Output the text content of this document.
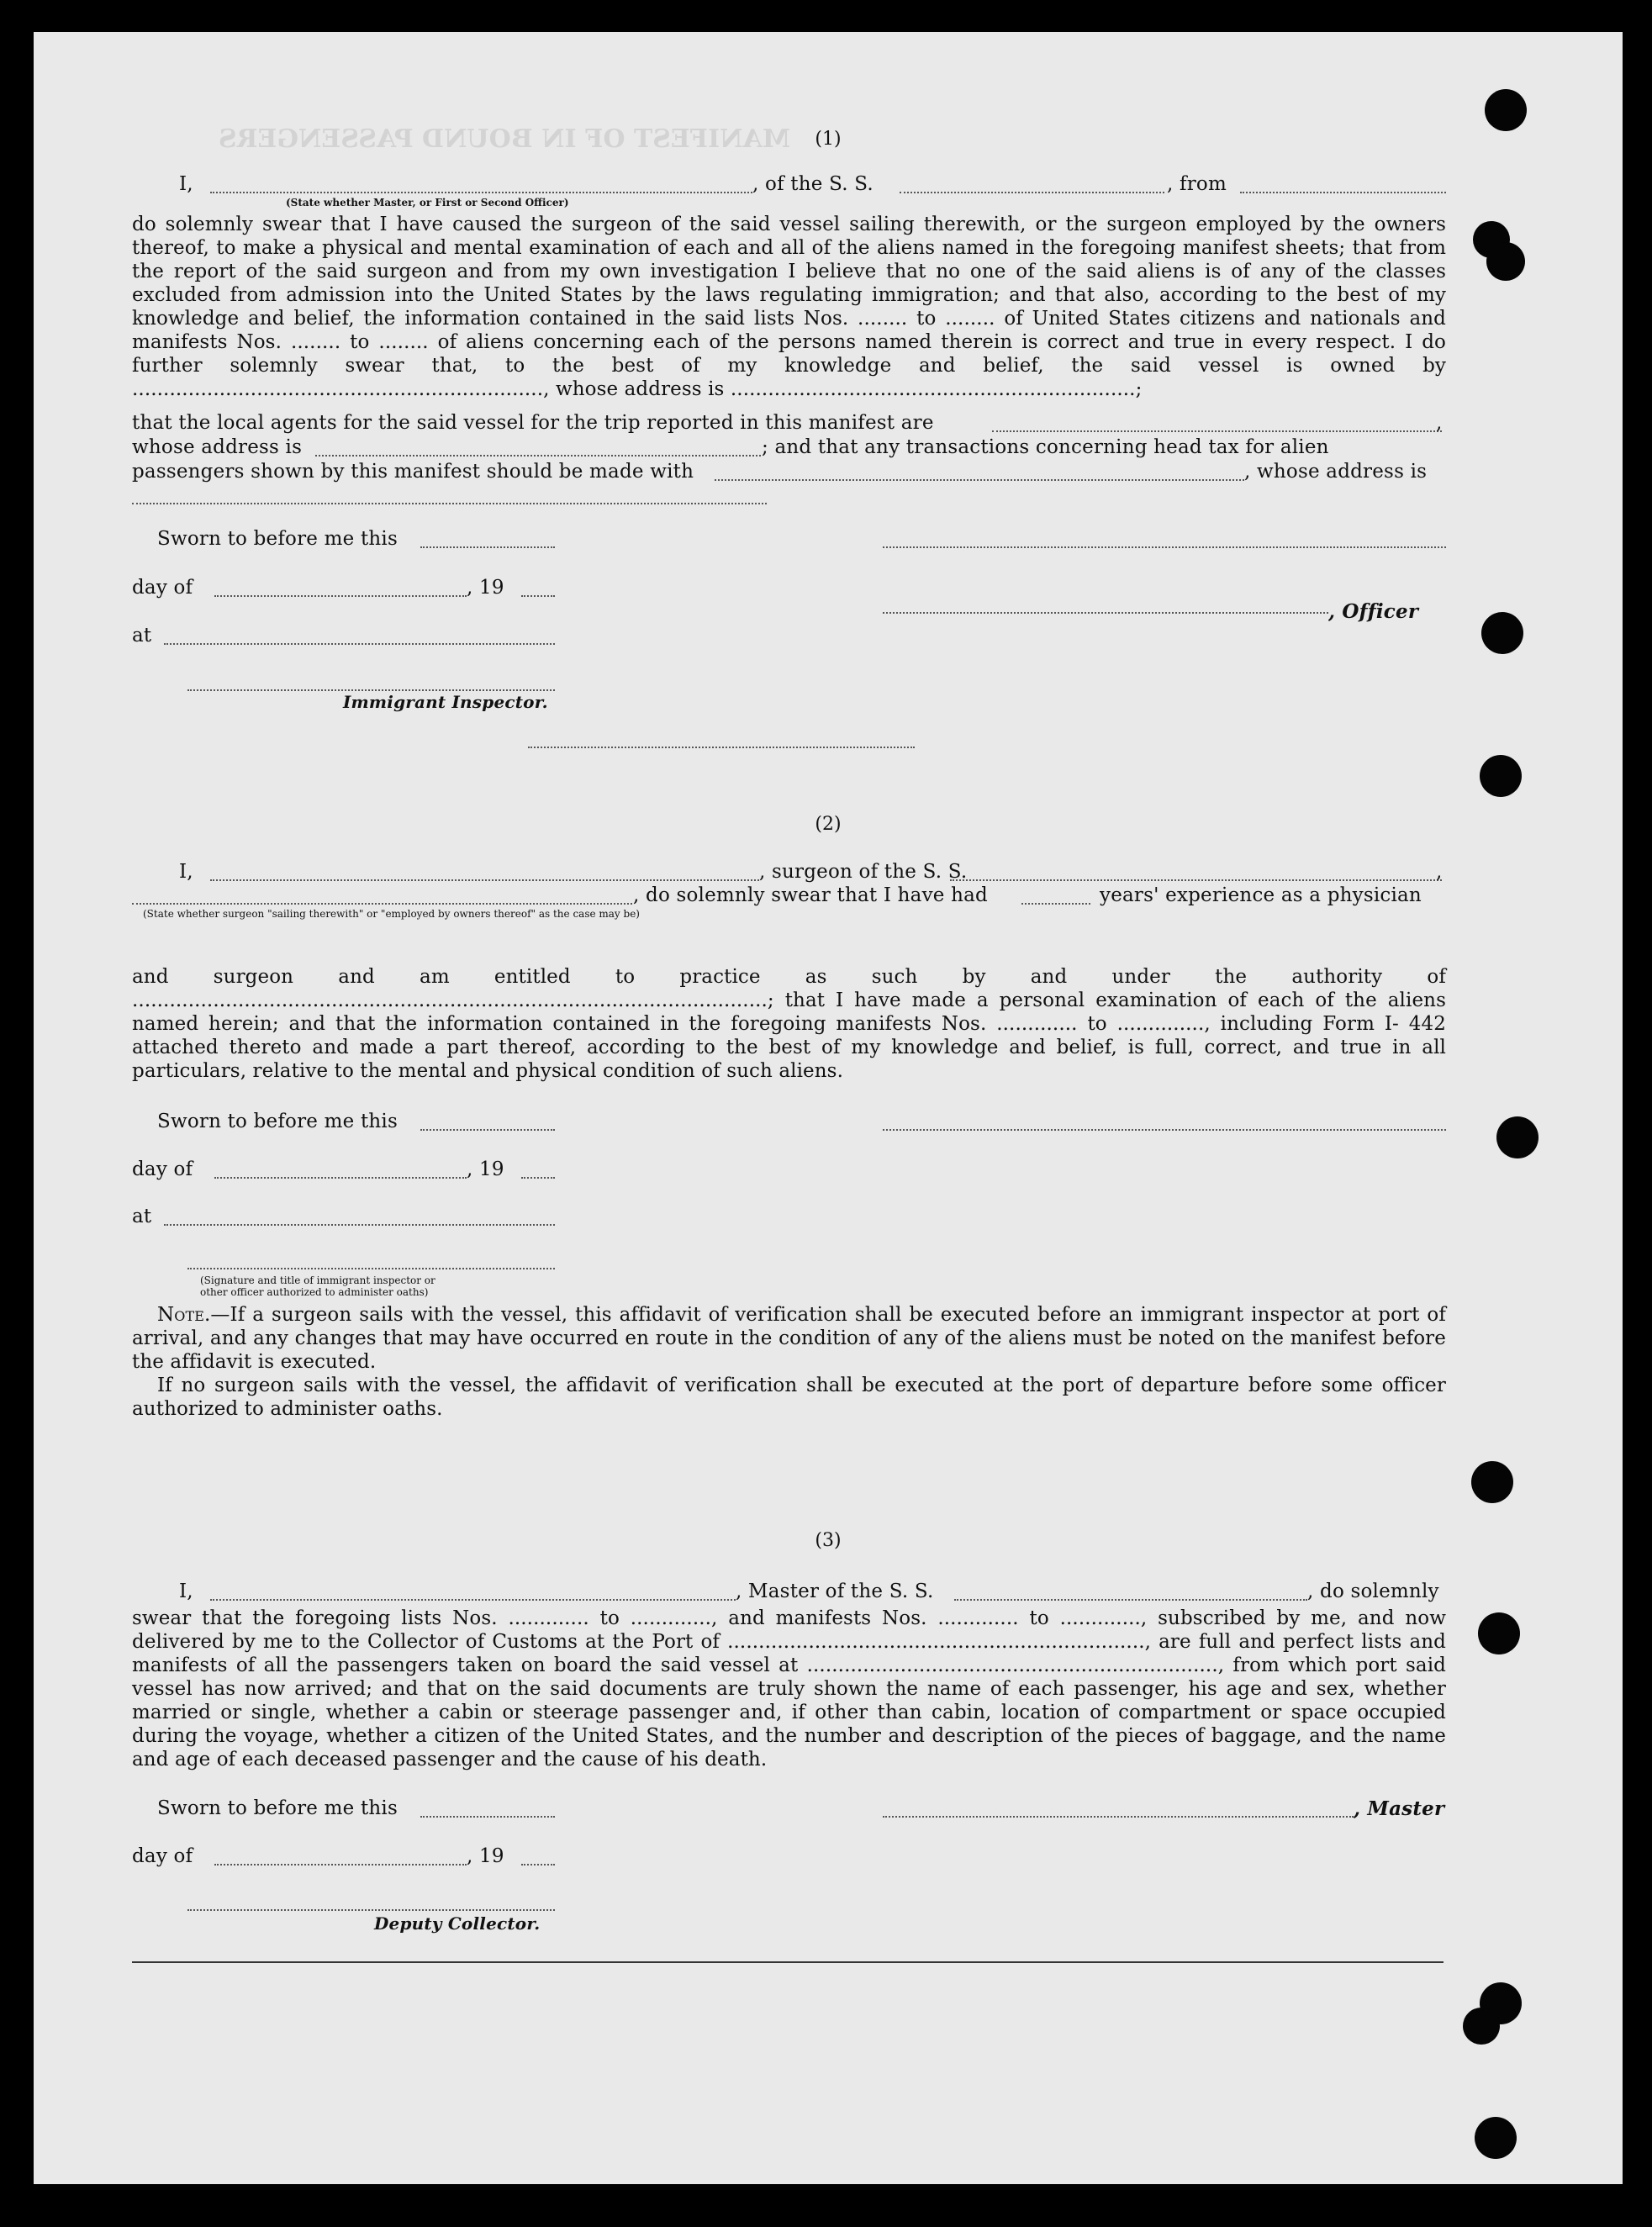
MANIFEST OF IN BOUND PASSENGERS	(1)
I,	, of the S. S.	, from
(State whether Master, or First or Second Officer)

do solemnly swear that I have caused the surgeon of the said vessel sailing therewith, or the surgeon employed by the owners thereof, to make a physical and mental examination of each and all of the aliens named in the foregoing manifest sheets; that from the report of the said surgeon and from my own investigation I believe that no one of the said aliens is of any of the classes excluded from admission into the United States by the laws regulating immigration; and that also, according to the best of my knowledge and belief, the information contained in the said lists Nos. ........ to ........ of United States citizens and nationals and manifests Nos. ........ to ........ of aliens concerning each of the persons named therein is correct and true in every respect. I do further solemnly swear that, to the best of my knowledge and belief, the said vessel is owned by .................................................................., whose address is .................................................................;

that the local agents for the said vessel for the trip reported in this manifest are	,
whose address is	; and that any transactions concerning head tax for alien
passengers shown by this manifest should be made with	, whose address is
Sworn to before me this
day of	, 19
at
, Officer
Immigrant Inspector.
(2)
I,	, surgeon of the S. S.	,
, do solemnly swear that I have had	years' experience as a physician
(State whether surgeon "sailing therewith" or "employed by owners thereof" as the case may be)

and surgeon and am entitled to practice as such by and under the authority of ......................................................................................................; that I have made a personal examination of each of the aliens named herein; and that the information contained in the foregoing manifests Nos. ............. to .............., including Form I- 442 attached thereto and made a part thereof, according to the best of my knowledge and belief, is full, correct, and true in all particulars, relative to the mental and physical condition of such aliens.

Sworn to before me this
day of	, 19
at
(Signature and title of immigrant inspector or
other officer authorized to administer oaths)

Note.—If a surgeon sails with the vessel, this affidavit of verification shall be executed before an immigrant inspector at port of arrival, and any changes that may have occurred en route in the condition of any of the aliens must be noted on the manifest before the affidavit is executed.

If no surgeon sails with the vessel, the affidavit of verification shall be executed at the port of departure before some officer authorized to administer oaths.

(3)
I,	, Master of the S. S.	, do solemnly

swear that the foregoing lists Nos. ............. to ............., and manifests Nos. ............. to ............., subscribed by me, and now delivered by me to the Collector of Customs at the Port of ..................................................................., are full and perfect lists and manifests of all the passengers taken on board the said vessel at .................................................................., from which port said vessel has now arrived; and that on the said documents are truly shown the name of each passenger, his age and sex, whether married or single, whether a cabin or steerage passenger and, if other than cabin, location of compartment or space occupied during the voyage, whether a citizen of the United States, and the number and description of the pieces of baggage, and the name and age of each deceased passenger and the cause of his death.

Sworn to before me this	, Master
day of	, 19
Deputy Collector.
